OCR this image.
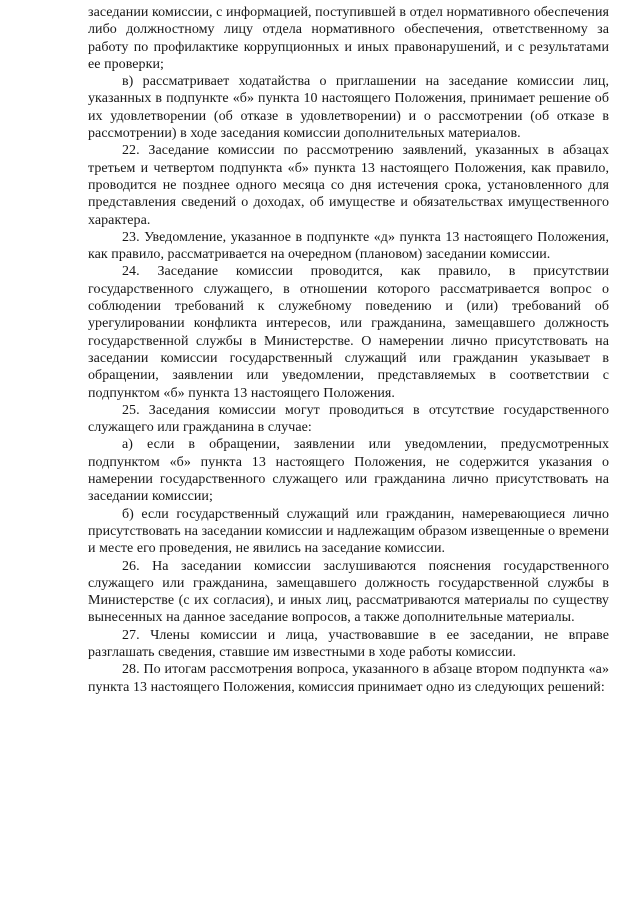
заседании комиссии, с информацией, поступившей в отдел нормативного обеспечения либо должностному лицу отдела нормативного обеспечения, ответственному за работу по профилактике коррупционных и иных правонарушений, и с результатами ее проверки;

в) рассматривает ходатайства о приглашении на заседание комиссии лиц, указанных в подпункте «б» пункта 10 настоящего Положения, принимает решение об их удовлетворении (об отказе в удовлетворении) и о рассмотрении (об отказе в рассмотрении) в ходе заседания комиссии дополнительных материалов.

22. Заседание комиссии по рассмотрению заявлений, указанных в абзацах третьем и четвертом подпункта «б» пункта 13 настоящего Положения, как правило, проводится не позднее одного месяца со дня истечения срока, установленного для представления сведений о доходах, об имуществе и обязательствах имущественного характера.

23. Уведомление, указанное в подпункте «д» пункта 13 настоящего Положения, как правило, рассматривается на очередном (плановом) заседании комиссии.

24. Заседание комиссии проводится, как правило, в присутствии государственного служащего, в отношении которого рассматривается вопрос о соблюдении требований к служебному поведению и (или) требований об урегулировании конфликта интересов, или гражданина, замещавшего должность государственной службы в Министерстве. О намерении лично присутствовать на заседании комиссии государственный служащий или гражданин указывает в обращении, заявлении или уведомлении, представляемых в соответствии с подпунктом «б» пункта 13 настоящего Положения.

25. Заседания комиссии могут проводиться в отсутствие государственного служащего или гражданина в случае:

а) если в обращении, заявлении или уведомлении, предусмотренных подпунктом «б» пункта 13 настоящего Положения, не содержится указания о намерении государственного служащего или гражданина лично присутствовать на заседании комиссии;

б) если государственный служащий или гражданин, намеревающиеся лично присутствовать на заседании комиссии и надлежащим образом извещенные о времени и месте его проведения, не явились на заседание комиссии.

26. На заседании комиссии заслушиваются пояснения государственного служащего или гражданина, замещавшего должность государственной службы в Министерстве (с их согласия), и иных лиц, рассматриваются материалы по существу вынесенных на данное заседание вопросов, а также дополнительные материалы.

27. Члены комиссии и лица, участвовавшие в ее заседании, не вправе разглашать сведения, ставшие им известными в ходе работы комиссии.

28. По итогам рассмотрения вопроса, указанного в абзаце втором подпункта «а» пункта 13 настоящего Положения, комиссия принимает одно из следующих решений:
